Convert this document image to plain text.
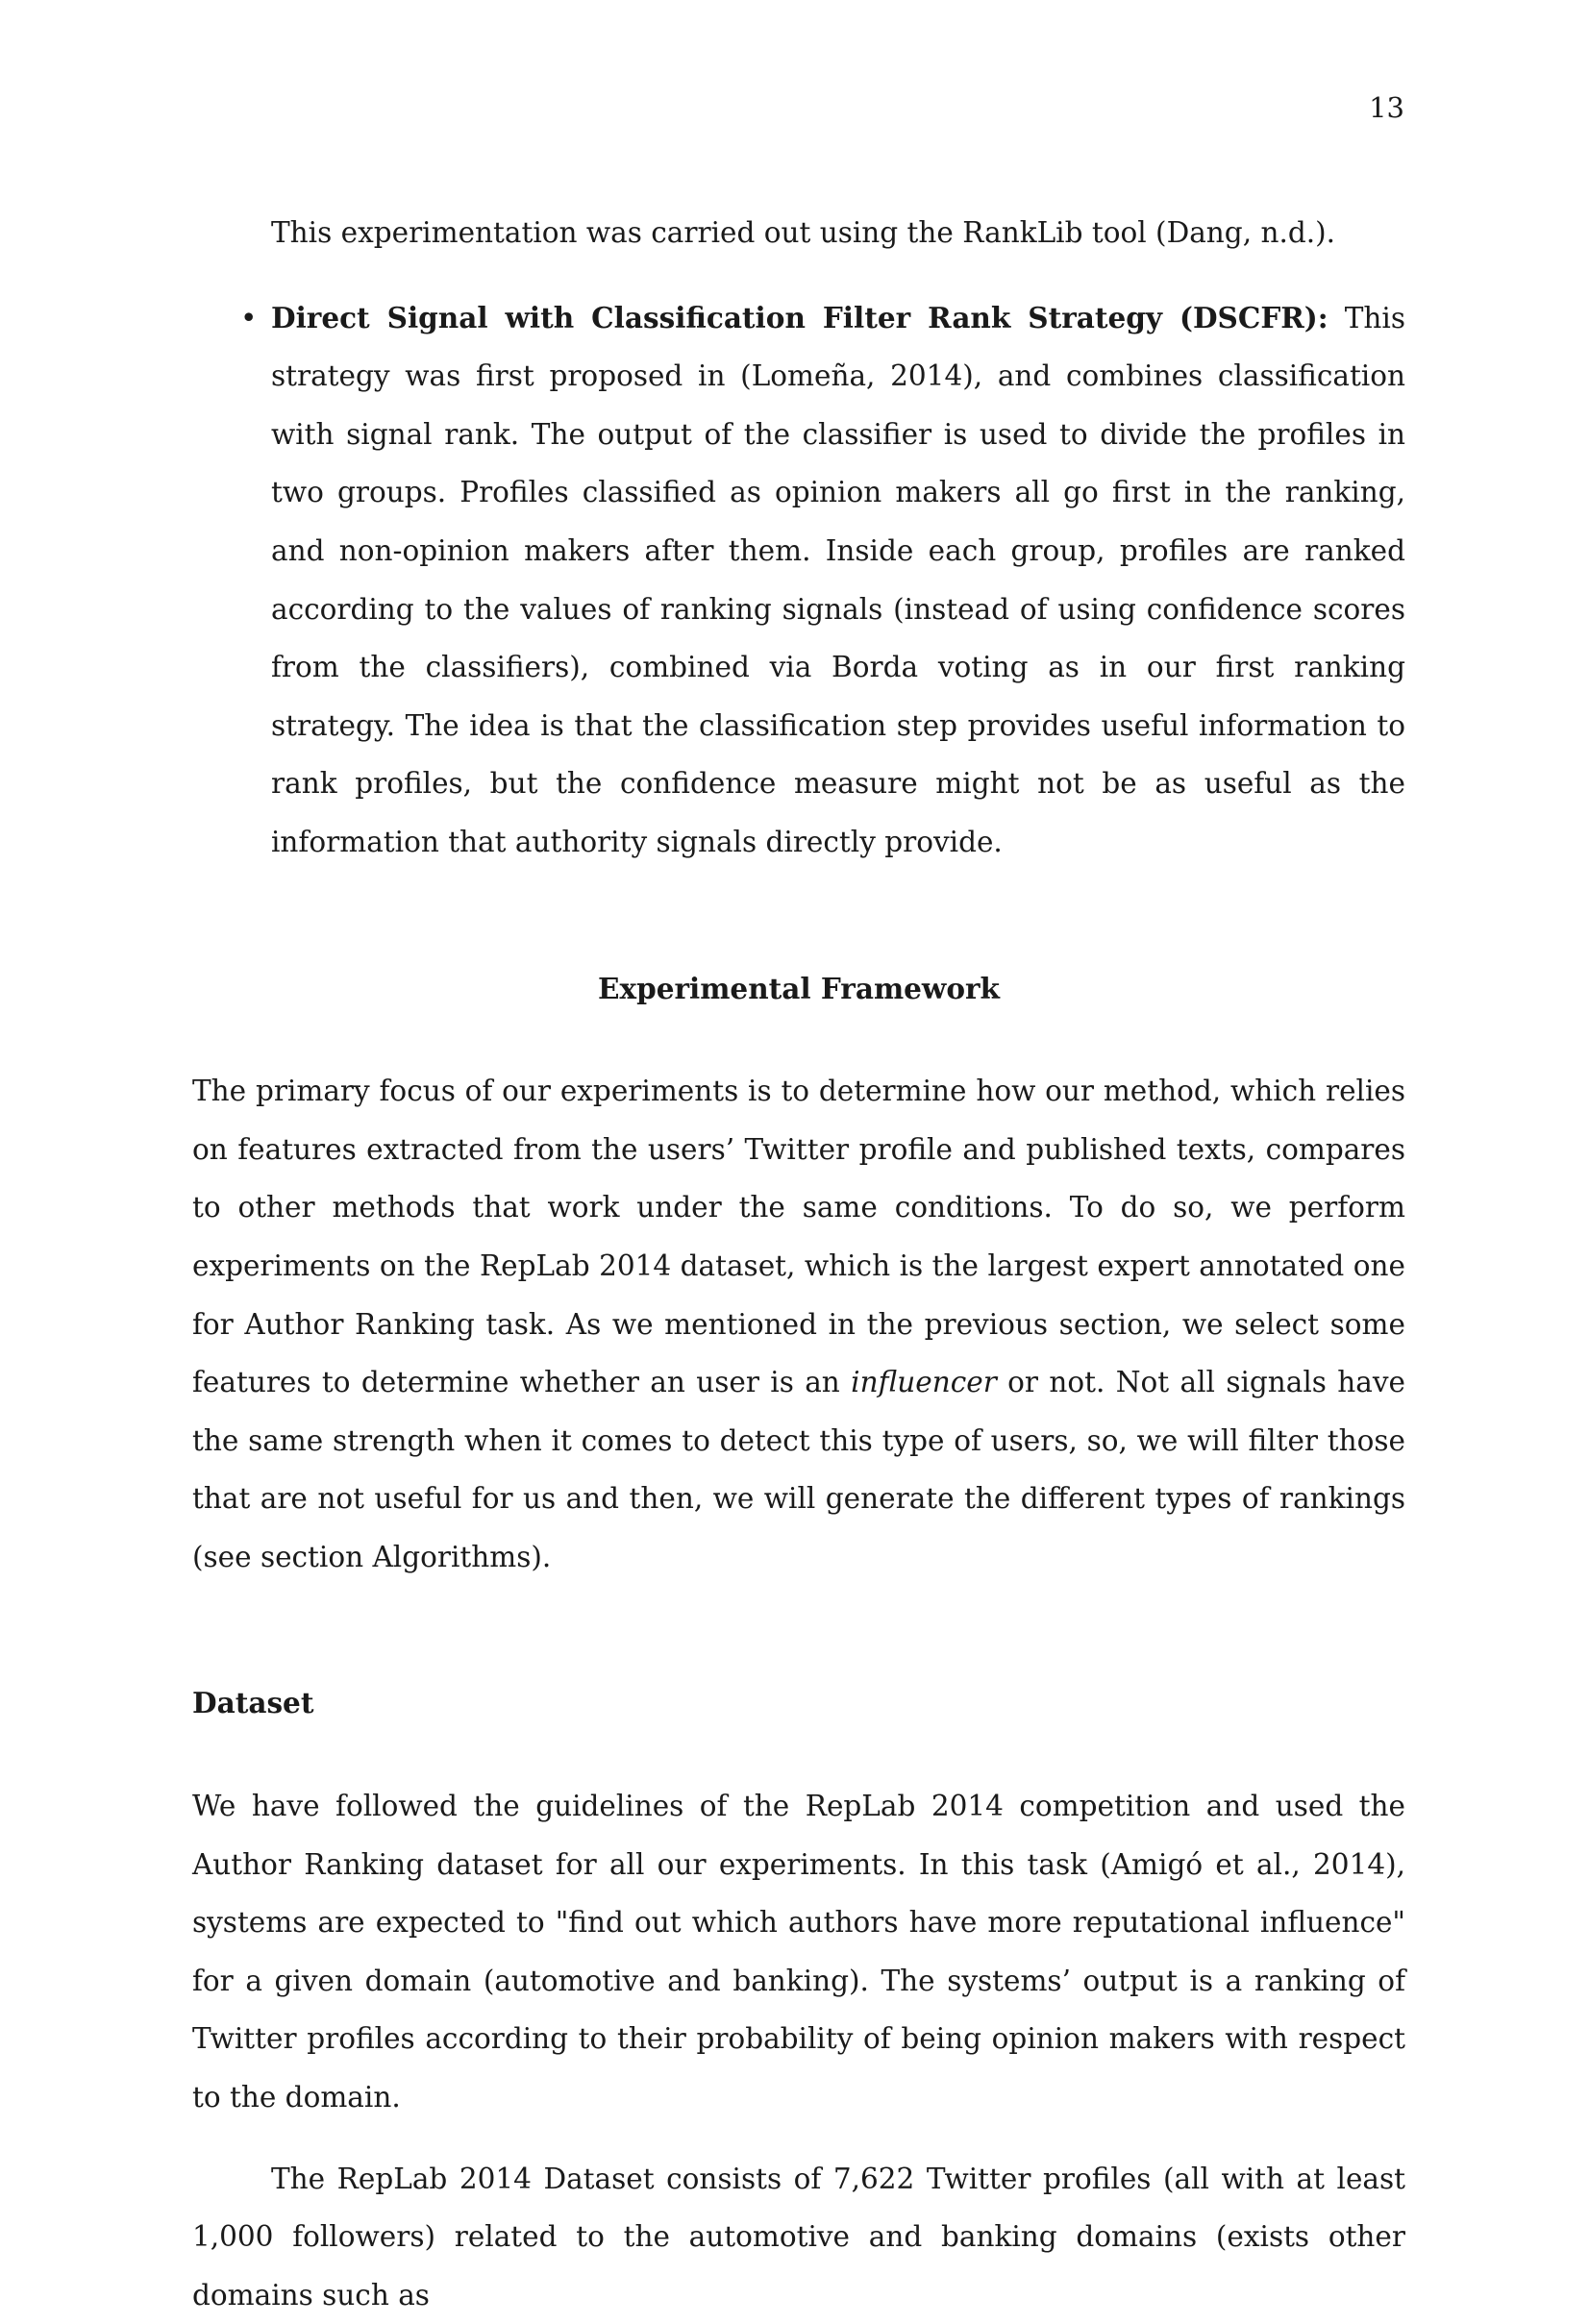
13

This experimentation was carried out using the RankLib tool (Dang, n.d.).

• Direct Signal with Classification Filter Rank Strategy (DSCFR): This strategy was first proposed in (Lomeña, 2014), and combines classification with signal rank. The output of the classifier is used to divide the profiles in two groups. Profiles classified as opinion makers all go first in the ranking, and non-opinion makers after them. Inside each group, profiles are ranked according to the values of ranking signals (instead of using confidence scores from the classifiers), combined via Borda voting as in our first ranking strategy. The idea is that the classification step provides useful information to rank profiles, but the confidence measure might not be as useful as the information that authority signals directly provide.
Experimental Framework

The primary focus of our experiments is to determine how our method, which relies on features extracted from the users’ Twitter profile and published texts, compares to other methods that work under the same conditions. To do so, we perform experiments on the RepLab 2014 dataset, which is the largest expert annotated one for Author Ranking task. As we mentioned in the previous section, we select some features to determine whether an user is an influencer or not. Not all signals have the same strength when it comes to detect this type of users, so, we will filter those that are not useful for us and then, we will generate the different types of rankings (see section Algorithms).

Dataset

We have followed the guidelines of the RepLab 2014 competition and used the Author Ranking dataset for all our experiments. In this task (Amigó et al., 2014), systems are expected to "find out which authors have more reputational influence" for a given domain (automotive and banking). The systems’ output is a ranking of Twitter profiles according to their probability of being opinion makers with respect to the domain.

The RepLab 2014 Dataset consists of 7,622 Twitter profiles (all with at least 1,000 followers) related to the automotive and banking domains (exists other domains such as
